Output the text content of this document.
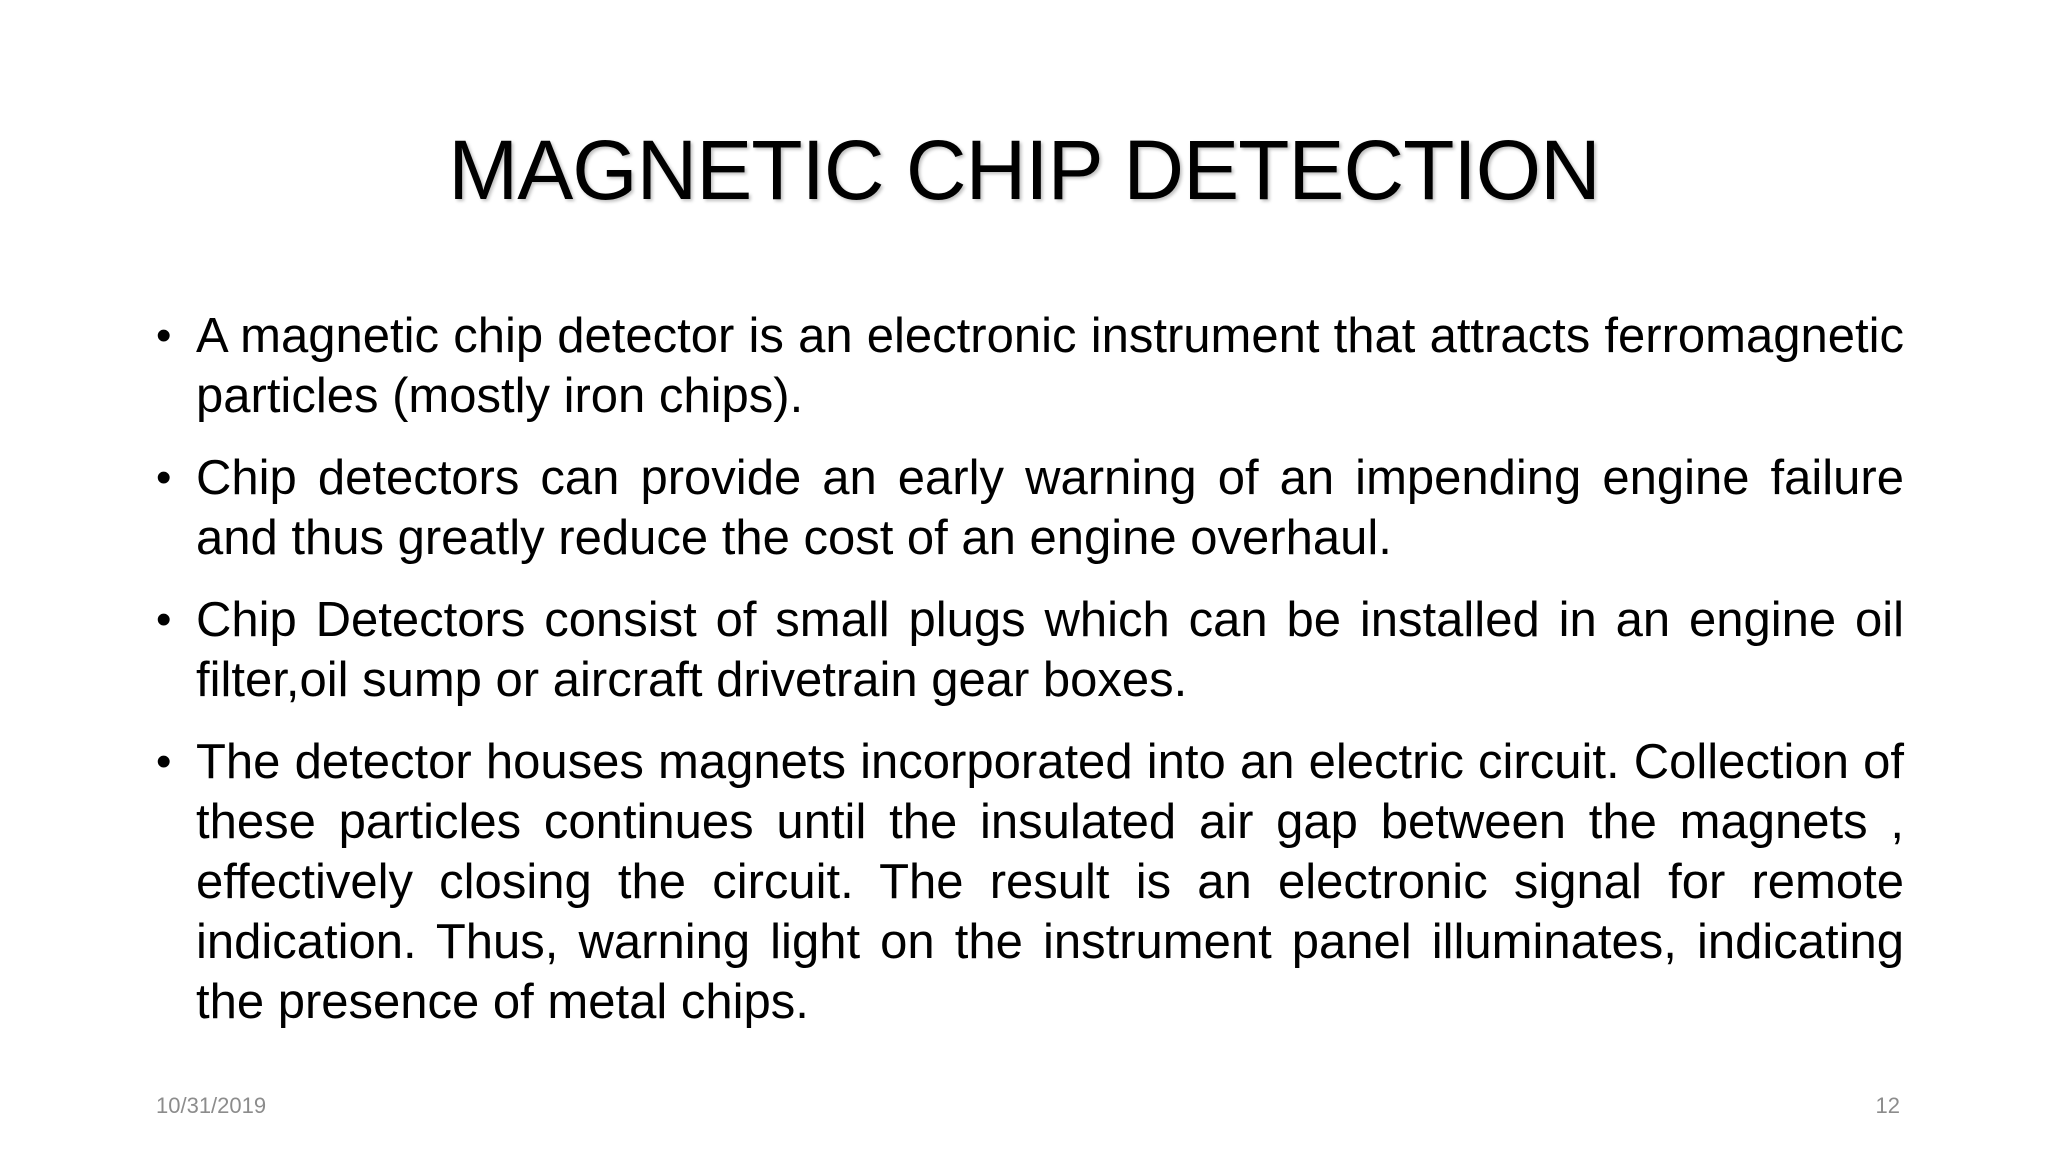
MAGNETIC CHIP DETECTION
• A magnetic chip detector is an electronic instrument that attracts ferromagnetic particles (mostly iron chips).
• Chip detectors can provide an early warning of an impending engine failure and thus greatly reduce the cost of an engine overhaul.
• Chip Detectors consist of small plugs which can be installed in an engine oil filter,oil sump or aircraft drivetrain gear boxes.
• The detector houses magnets incorporated into an electric circuit. Collection of these particles continues until the insulated air gap between the magnets , effectively closing the circuit. The result is an electronic signal for remote indication. Thus, warning light on the instrument panel illuminates, indicating the presence of metal chips.
10/31/2019	12
